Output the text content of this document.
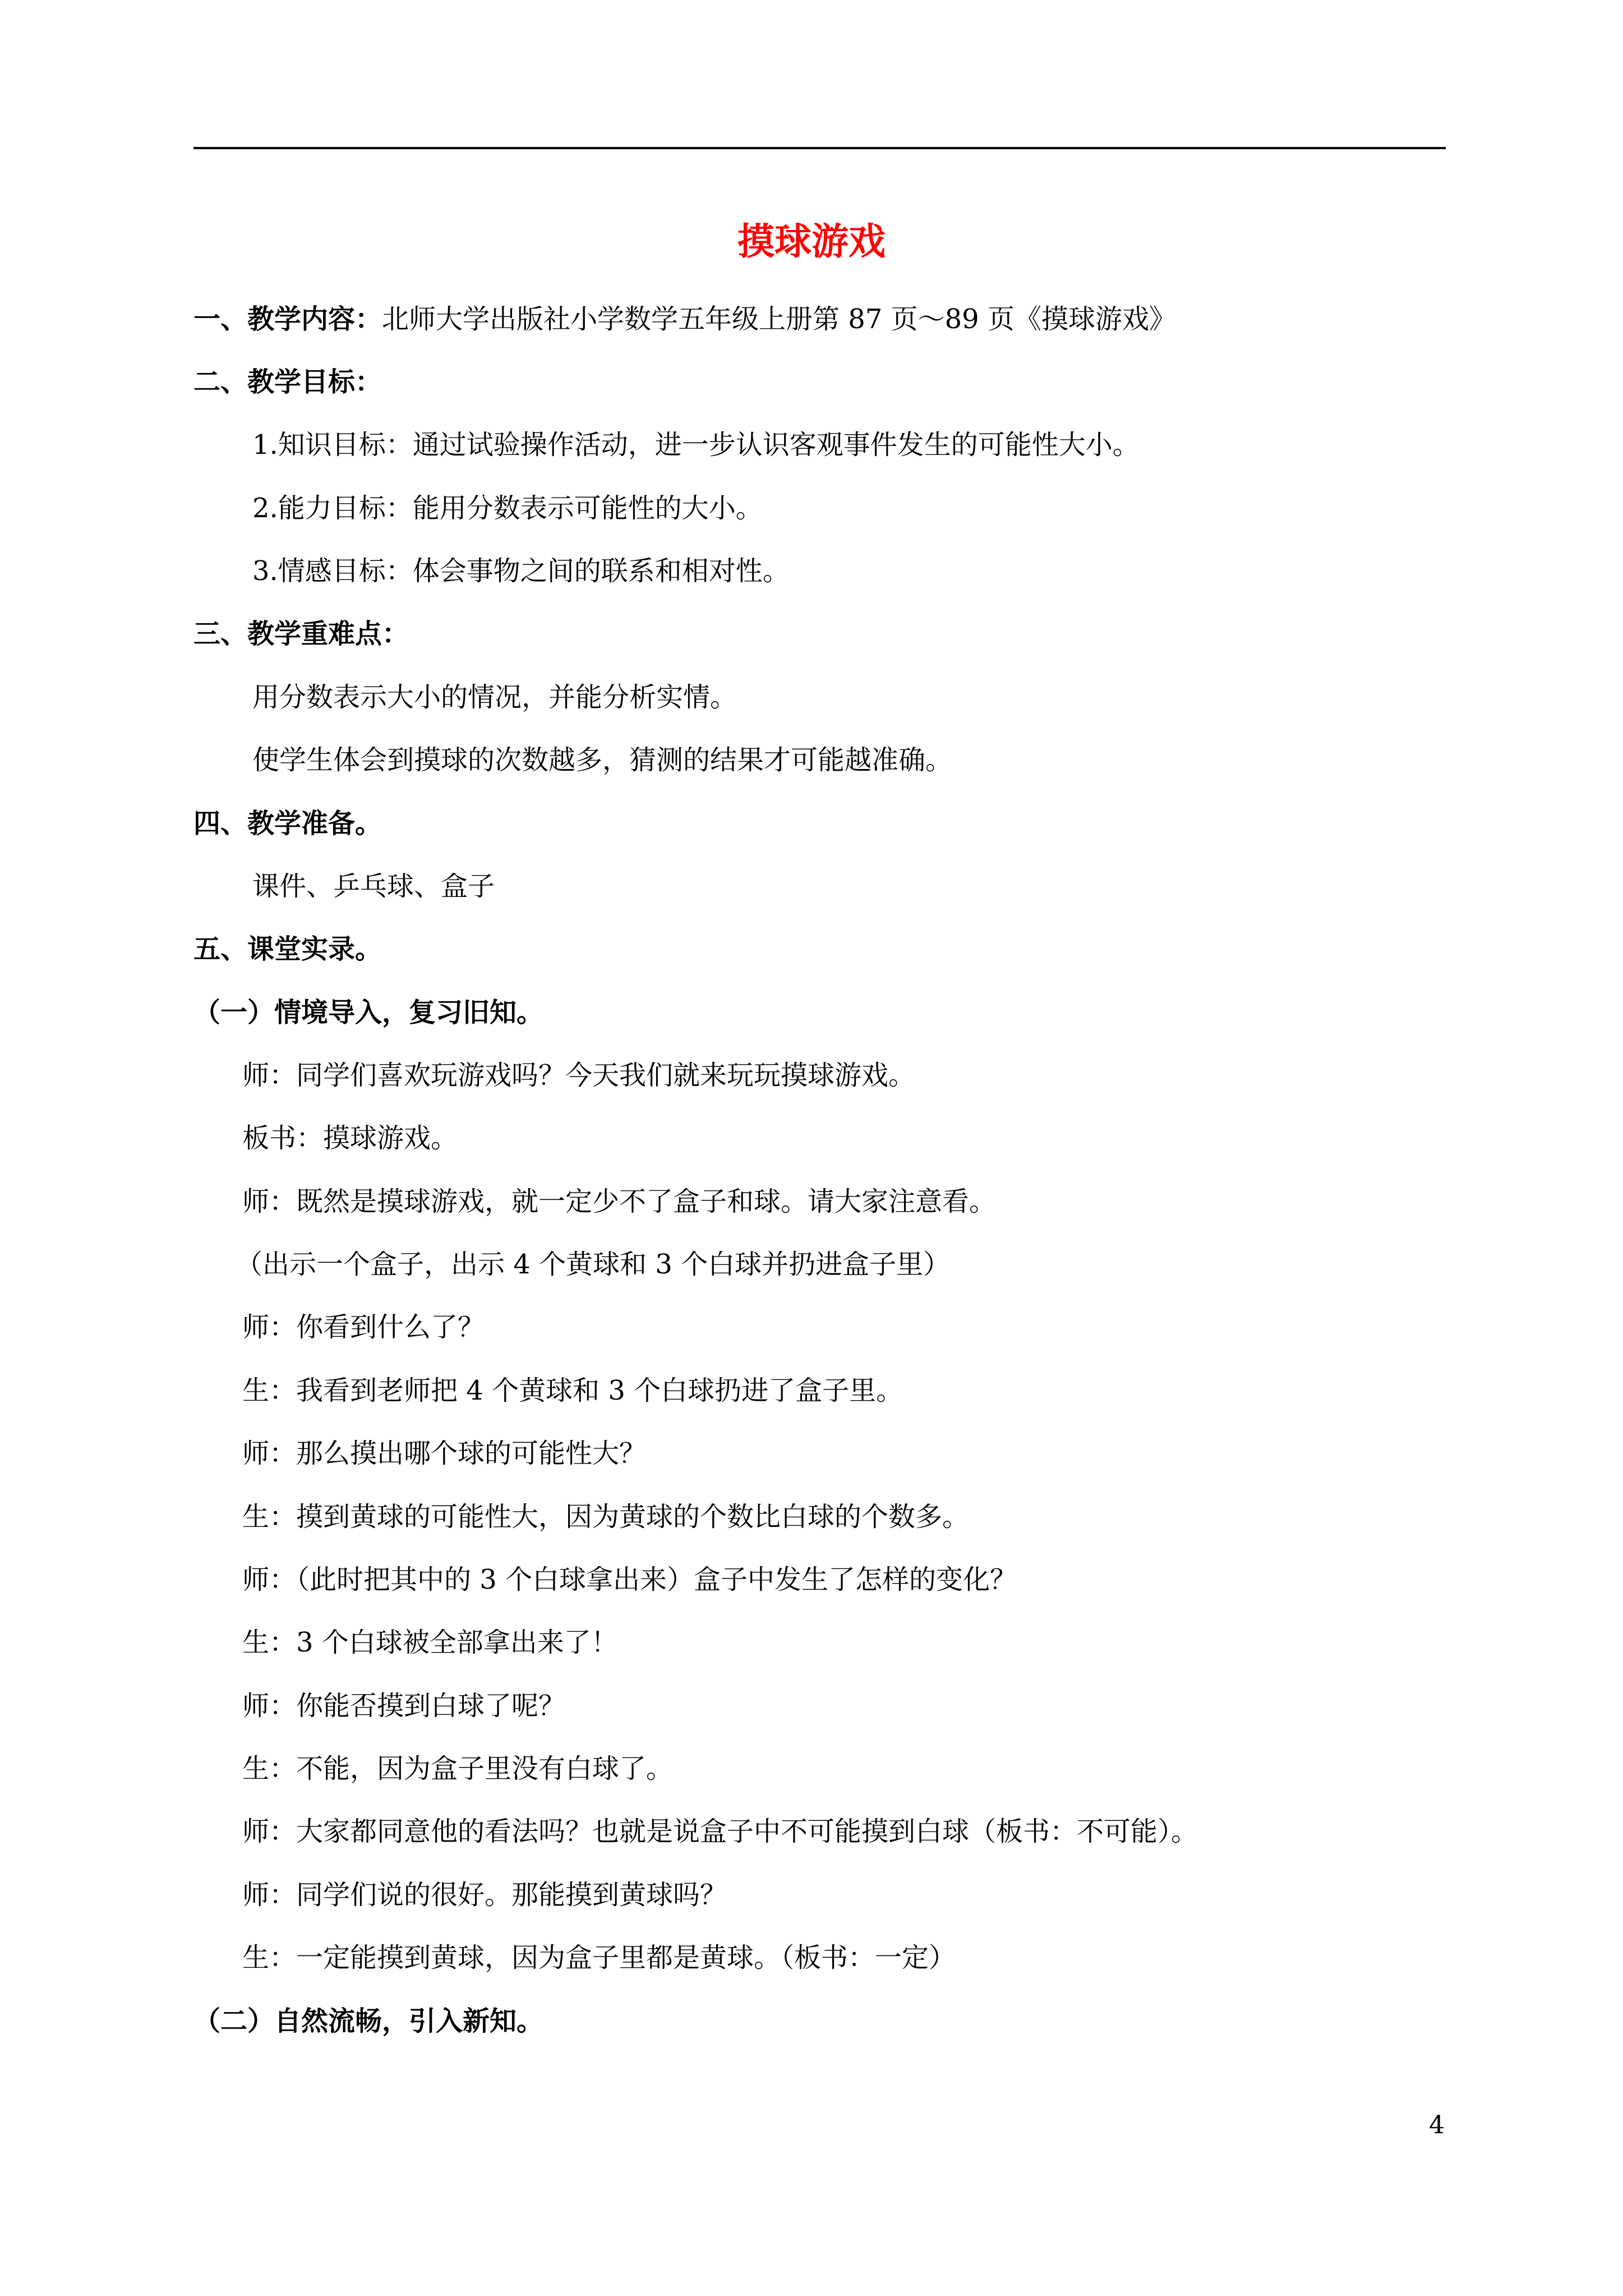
摸球游戏
一、教学内容：北师大学出版社小学数学五年级上册第 87 页～89 页《摸球游戏》
二、教学目标：
1.知识目标：通过试验操作活动，进一步认识客观事件发生的可能性大小。
2.能力目标：能用分数表示可能性的大小。
3.情感目标：体会事物之间的联系和相对性。
三、教学重难点：
用分数表示大小的情况，并能分析实情。
使学生体会到摸球的次数越多，猜测的结果才可能越准确。
四、教学准备。
课件、乒乓球、盒子
五、课堂实录。
（一）情境导入，复习旧知。
师：同学们喜欢玩游戏吗？今天我们就来玩玩摸球游戏。
板书：摸球游戏。
师：既然是摸球游戏，就一定少不了盒子和球。请大家注意看。
（出示一个盒子，出示 4 个黄球和 3 个白球并扔进盒子里）
师：你看到什么了？
生：我看到老师把 4 个黄球和 3 个白球扔进了盒子里。
师：那么摸出哪个球的可能性大？
生：摸到黄球的可能性大，因为黄球的个数比白球的个数多。
师：（此时把其中的 3 个白球拿出来）盒子中发生了怎样的变化？
生：3 个白球被全部拿出来了！
师：你能否摸到白球了呢？
生：不能，因为盒子里没有白球了。
师：大家都同意他的看法吗？也就是说盒子中不可能摸到白球（板书：不可能）。
师：同学们说的很好。那能摸到黄球吗？
生：一定能摸到黄球，因为盒子里都是黄球。（板书：一定）
（二）自然流畅，引入新知。
4
